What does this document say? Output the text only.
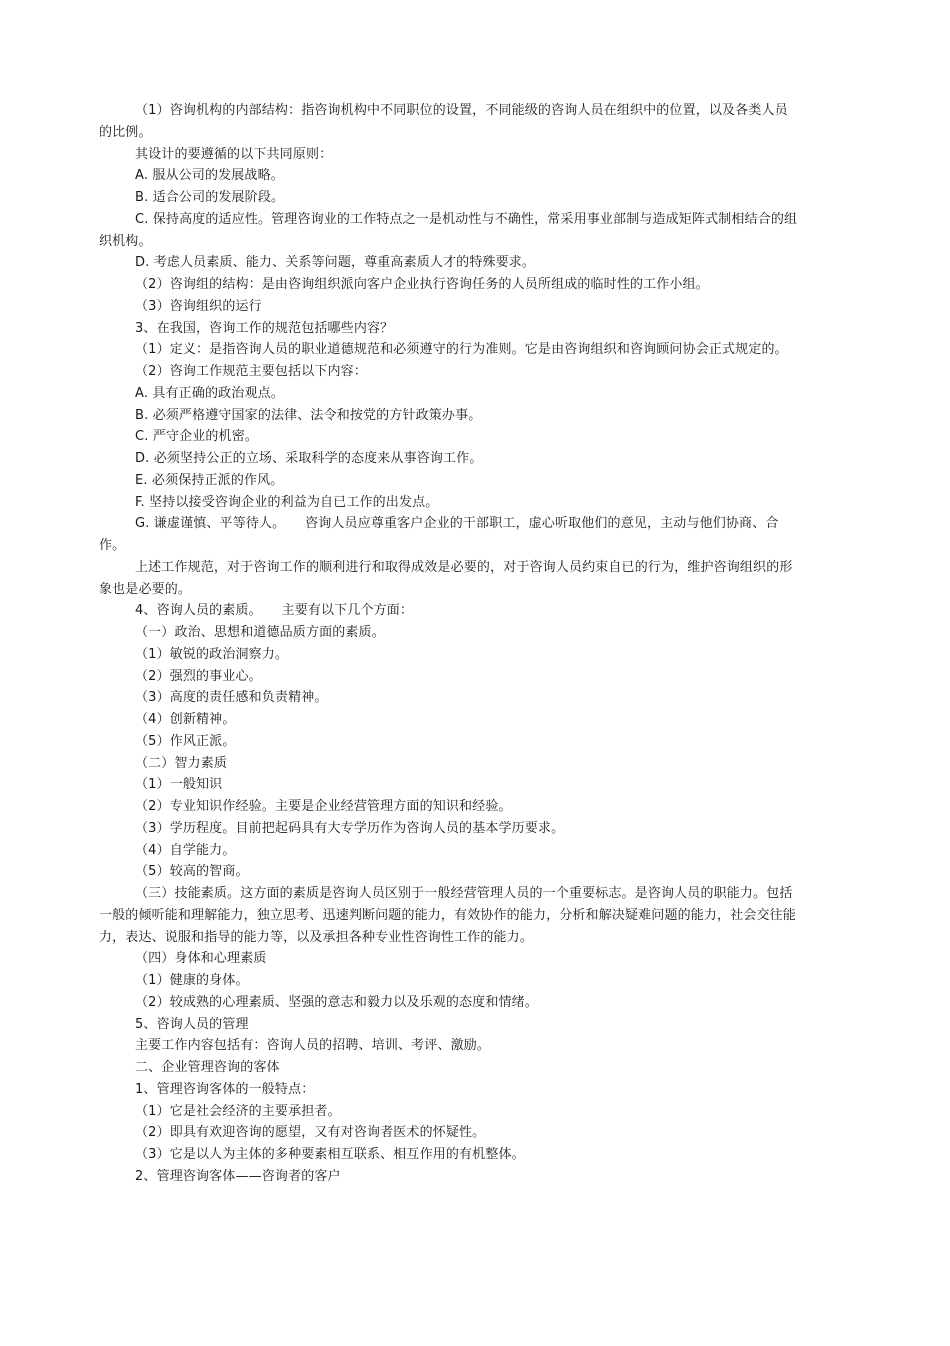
（1）咨询机构的内部结构：指咨询机构中不同职位的设置，不同能级的咨询人员在组织中的位置，以及各类人员的比例。

其设计的要遵循的以下共同原则：

A. 服从公司的发展战略。

B. 适合公司的发展阶段。

C. 保持高度的适应性。管理咨询业的工作特点之一是机动性与不确性，常采用事业部制与造成矩阵式制相结合的组织机构。

D. 考虑人员素质、能力、关系等问题，尊重高素质人才的特殊要求。

（2）咨询组的结构：是由咨询组织派向客户企业执行咨询任务的人员所组成的临时性的工作小组。

（3）咨询组织的运行

3、在我国，咨询工作的规范包括哪些内容？

（1）定义：是指咨询人员的职业道德规范和必须遵守的行为准则。它是由咨询组织和咨询顾问协会正式规定的。

（2）咨询工作规范主要包括以下内容：

A. 具有正确的政治观点。

B. 必须严格遵守国家的法律、法令和按党的方针政策办事。

C. 严守企业的机密。

D. 必须坚持公正的立场、采取科学的态度来从事咨询工作。

E. 必须保持正派的作风。

F. 坚持以接受咨询企业的利益为自已工作的出发点。

G. 谦虚谨慎、平等待人。　　咨询人员应尊重客户企业的干部职工，虚心听取他们的意见，主动与他们协商、合作。

上述工作规范，对于咨询工作的顺利进行和取得成效是必要的，对于咨询人员约束自已的行为，维护咨询组织的形象也是必要的。

4、咨询人员的素质。　　主要有以下几个方面：

（一）政治、思想和道德品质方面的素质。

（1）敏锐的政治洞察力。

（2）强烈的事业心。

（3）高度的责任感和负责精神。

（4）创新精神。

（5）作风正派。

（二）智力素质

（1）一般知识

（2）专业知识作经验。主要是企业经营管理方面的知识和经验。

（3）学历程度。目前把起码具有大专学历作为咨询人员的基本学历要求。

（4）自学能力。

（5）较高的智商。

（三）技能素质。这方面的素质是咨询人员区别于一般经营管理人员的一个重要标志。是咨询人员的职能力。包括一般的倾听能和理解能力，独立思考、迅速判断问题的能力，有效协作的能力，分析和解决疑难问题的能力，社会交往能力，表达、说服和指导的能力等，以及承担各种专业性咨询性工作的能力。

（四）身体和心理素质

（1）健康的身体。

（2）较成熟的心理素质、坚强的意志和毅力以及乐观的态度和情绪。

5、咨询人员的管理

主要工作内容包括有：咨询人员的招聘、培训、考评、激励。

二、企业管理咨询的客体

1、管理咨询客体的一般特点：

（1）它是社会经济的主要承担者。

（2）即具有欢迎咨询的愿望，又有对咨询者医术的怀疑性。

（3）它是以人为主体的多种要素相互联系、相互作用的有机整体。

2、管理咨询客体——咨询者的客户
